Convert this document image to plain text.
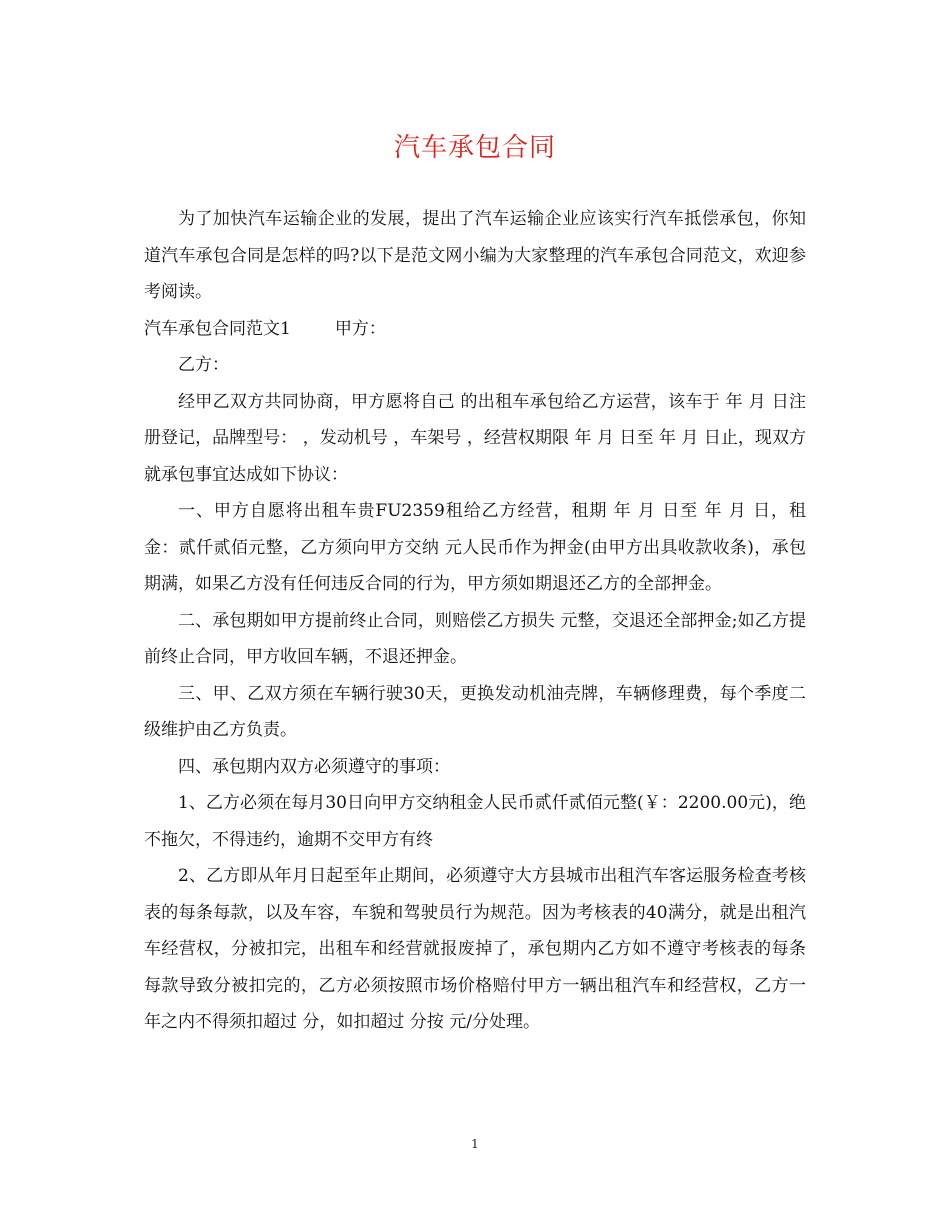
汽车承包合同

为了加快汽车运输企业的发展，提出了汽车运输企业应该实行汽车抵偿承包，你知道汽车承包合同是怎样的吗?以下是范文网小编为大家整理的汽车承包合同范文，欢迎参考阅读。

汽车承包合同范文1	甲方：

乙方：

经甲乙双方共同协商，甲方愿将自己 的出租车承包给乙方运营，该车于 年 月 日注册登记，品牌型号： ，发动机号 ，车架号 ，经营权期限 年 月 日至 年 月 日止，现双方就承包事宜达成如下协议：

一、甲方自愿将出租车贵FU2359租给乙方经营，租期 年 月 日至 年 月 日，租金：贰仟贰佰元整，乙方须向甲方交纳 元人民币作为押金(由甲方出具收款收条)，承包期满，如果乙方没有任何违反合同的行为，甲方须如期退还乙方的全部押金。

二、承包期如甲方提前终止合同，则赔偿乙方损失 元整，交退还全部押金;如乙方提前终止合同，甲方收回车辆，不退还押金。

三、甲、乙双方须在车辆行驶30天，更换发动机油壳牌，车辆修理费，每个季度二级维护由乙方负责。

四、承包期内双方必须遵守的事项：

1、乙方必须在每月30日向甲方交纳租金人民币贰仟贰佰元整(￥：2200.00元)，绝不拖欠，不得违约，逾期不交甲方有终

2、乙方即从年月日起至年止期间，必须遵守大方县城市出租汽车客运服务检查考核表的每条每款，以及车容，车貌和驾驶员行为规范。因为考核表的40满分，就是出租汽车经营权，分被扣完，出租车和经营就报废掉了，承包期内乙方如不遵守考核表的每条每款导致分被扣完的，乙方必须按照市场价格赔付甲方一辆出租汽车和经营权，乙方一年之内不得须扣超过 分，如扣超过 分按 元/分处理。

1
